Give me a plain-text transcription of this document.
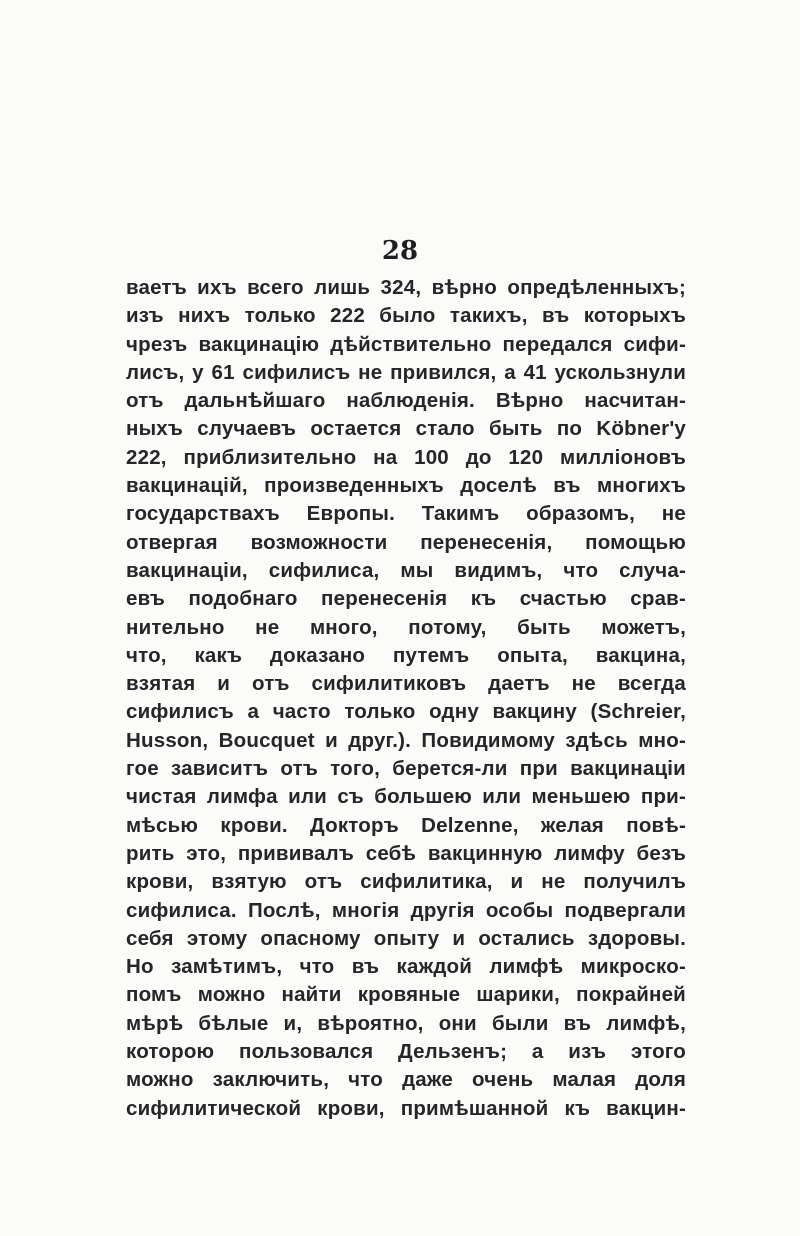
28
ваетъ ихъ всего лишь 324, вѣрно опредѣленныхъ;
изъ нихъ только 222 было такихъ, въ которыхъ
чрезъ вакцинацію дѣйствительно передался сифи-
лисъ, у 61 сифилисъ не привился, а 41 ускользнули
отъ дальнѣйшаго наблюденія. Вѣрно насчитан-
ныхъ случаевъ остается стало быть по Köbner'у
222, приблизительно на 100 до 120 милліоновъ
вакцинацій, произведенныхъ доселѣ въ многихъ
государствахъ Европы. Такимъ образомъ, не
отвергая возможности перенесенія, помощью
вакцинаціи, сифилиса, мы видимъ, что случа-
евъ подобнаго перенесенія къ счастью срав-
нительно не много, потому, быть можетъ,
что, какъ доказано путемъ опыта, вакцина,
взятая и отъ сифилитиковъ даетъ не всегда
сифилисъ а часто только одну вакцину (Schreier,
Husson, Boucquet и друг.). Повидимому здѣсь мно-
гое зависитъ отъ того, берется-ли при вакцинаціи
чистая лимфа или съ большею или меньшею при-
мѣсью крови. Докторъ Delzenne, желая повѣ-
рить это, прививалъ себѣ вакцинную лимфу безъ
крови, взятую отъ сифилитика, и не получилъ
сифилиса. Послѣ, многія другія особы подвергали
себя этому опасному опыту и остались здоровы.
Но замѣтимъ, что въ каждой лимфѣ микроско-
помъ можно найти кровяные шарики, покрайней
мѣрѣ бѣлые и, вѣроятно, они были въ лимфѣ,
которою пользовался Дельзенъ; а изъ этого
можно заключить, что даже очень малая доля
сифилитической крови, примѣшанной къ вакцин-
